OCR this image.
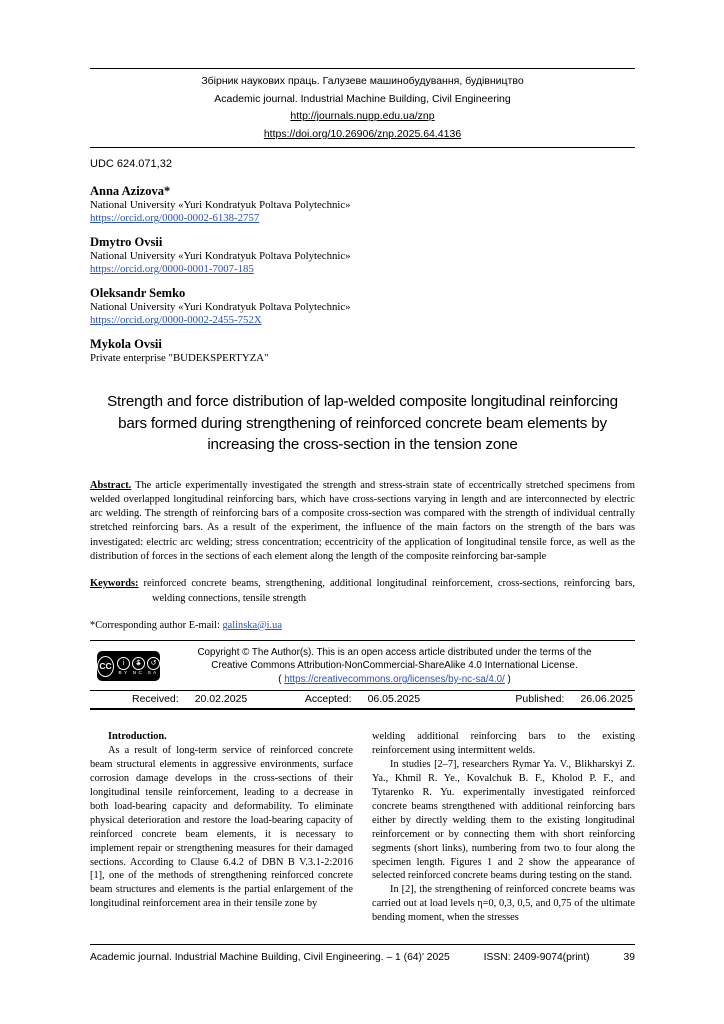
Збірник наукових праць. Галузеве машинобудування, будівництво
Academic journal. Industrial Machine Building, Civil Engineering
http://journals.nupp.edu.ua/znp
https://doi.org/10.26906/znp.2025.64.4136
UDC 624.071,32
Anna Azizova*
National University «Yuri Kondratyuk Poltava Polytechnic»
https://orcid.org/0000-0002-6138-2757
Dmytro Ovsii
National University «Yuri Kondratyuk Poltava Polytechnic»
https://orcid.org/0000-0001-7007-185
Oleksandr Semko
National University «Yuri Kondratyuk Poltava Polytechnic»
https://orcid.org/0000-0002-2455-752X
Mykola Ovsii
Private enterprise "BUDEKSPERTYZA"
Strength and force distribution of lap-welded composite longitudinal reinforcing
bars formed during strengthening of reinforced concrete beam elements by
increasing the cross-section in the tension zone
Abstract. The article experimentally investigated the strength and stress-strain state of eccentrically stretched specimens from welded overlapped longitudinal reinforcing bars, which have cross-sections varying in length and are interconnected by electric arc welding. The strength of reinforcing bars of a composite cross-section was compared with the strength of individual centrally stretched reinforcing bars. As a result of the experiment, the influence of the main factors on the strength of the bars was investigated: electric arc welding; stress concentration; eccentricity of the application of longitudinal tensile force, as well as the distribution of forces in the sections of each element along the length of the composite reinforcing bar-sample
Keywords: reinforced concrete beams, strengthening, additional longitudinal reinforcement, cross-sections, reinforcing bars, welding connections, tensile strength
*Corresponding author E-mail: galinska@i.ua
CC	i $ ↺
BY NC SA
Copyright © The Author(s). This is an open access article distributed under the terms of the
Creative Commons Attribution-NonCommercial-ShareAlike 4.0 International License.
( https://creativecommons.org/licenses/by-nc-sa/4.0/ )
Received: 20.02.2025	Accepted: 06.05.2025	Published: 26.06.2025
Introduction.
As a result of long-term service of reinforced concrete beam structural elements in aggressive environments, surface corrosion damage develops in the cross-sections of their longitudinal tensile reinforcement, leading to a decrease in both load-bearing capacity and deformability. To eliminate physical deterioration and restore the load-bearing capacity of reinforced concrete beam elements, it is necessary to implement repair or strengthening measures for their damaged sections. According to Clause 6.4.2 of DBN B V.3.1-2:2016 [1], one of the methods of strengthening reinforced concrete beam structures and elements is the partial enlargement of the longitudinal reinforcement area in their tensile zone by
welding additional reinforcing bars to the existing reinforcement using intermittent welds.
In studies [2–7], researchers Rymar Ya. V., Blikharskyi Z. Ya., Khmil R. Ye., Kovalchuk B. F., Kholod P. F., and Tytarenko R. Yu. experimentally investigated reinforced concrete beams strengthened with additional reinforcing bars either by directly welding them to the existing longitudinal reinforcement or by connecting them with short reinforcing segments (short links), numbering from two to four along the specimen length. Figures 1 and 2 show the appearance of selected reinforced concrete beams during testing on the stand.
In [2], the strengthening of reinforced concrete beams was carried out at load levels η=0, 0,3, 0,5, and 0,75 of the ultimate bending moment, when the stresses
Academic journal. Industrial Machine Building, Civil Engineering. – 1 (64)' 2025	ISSN: 2409-9074(print)	39
